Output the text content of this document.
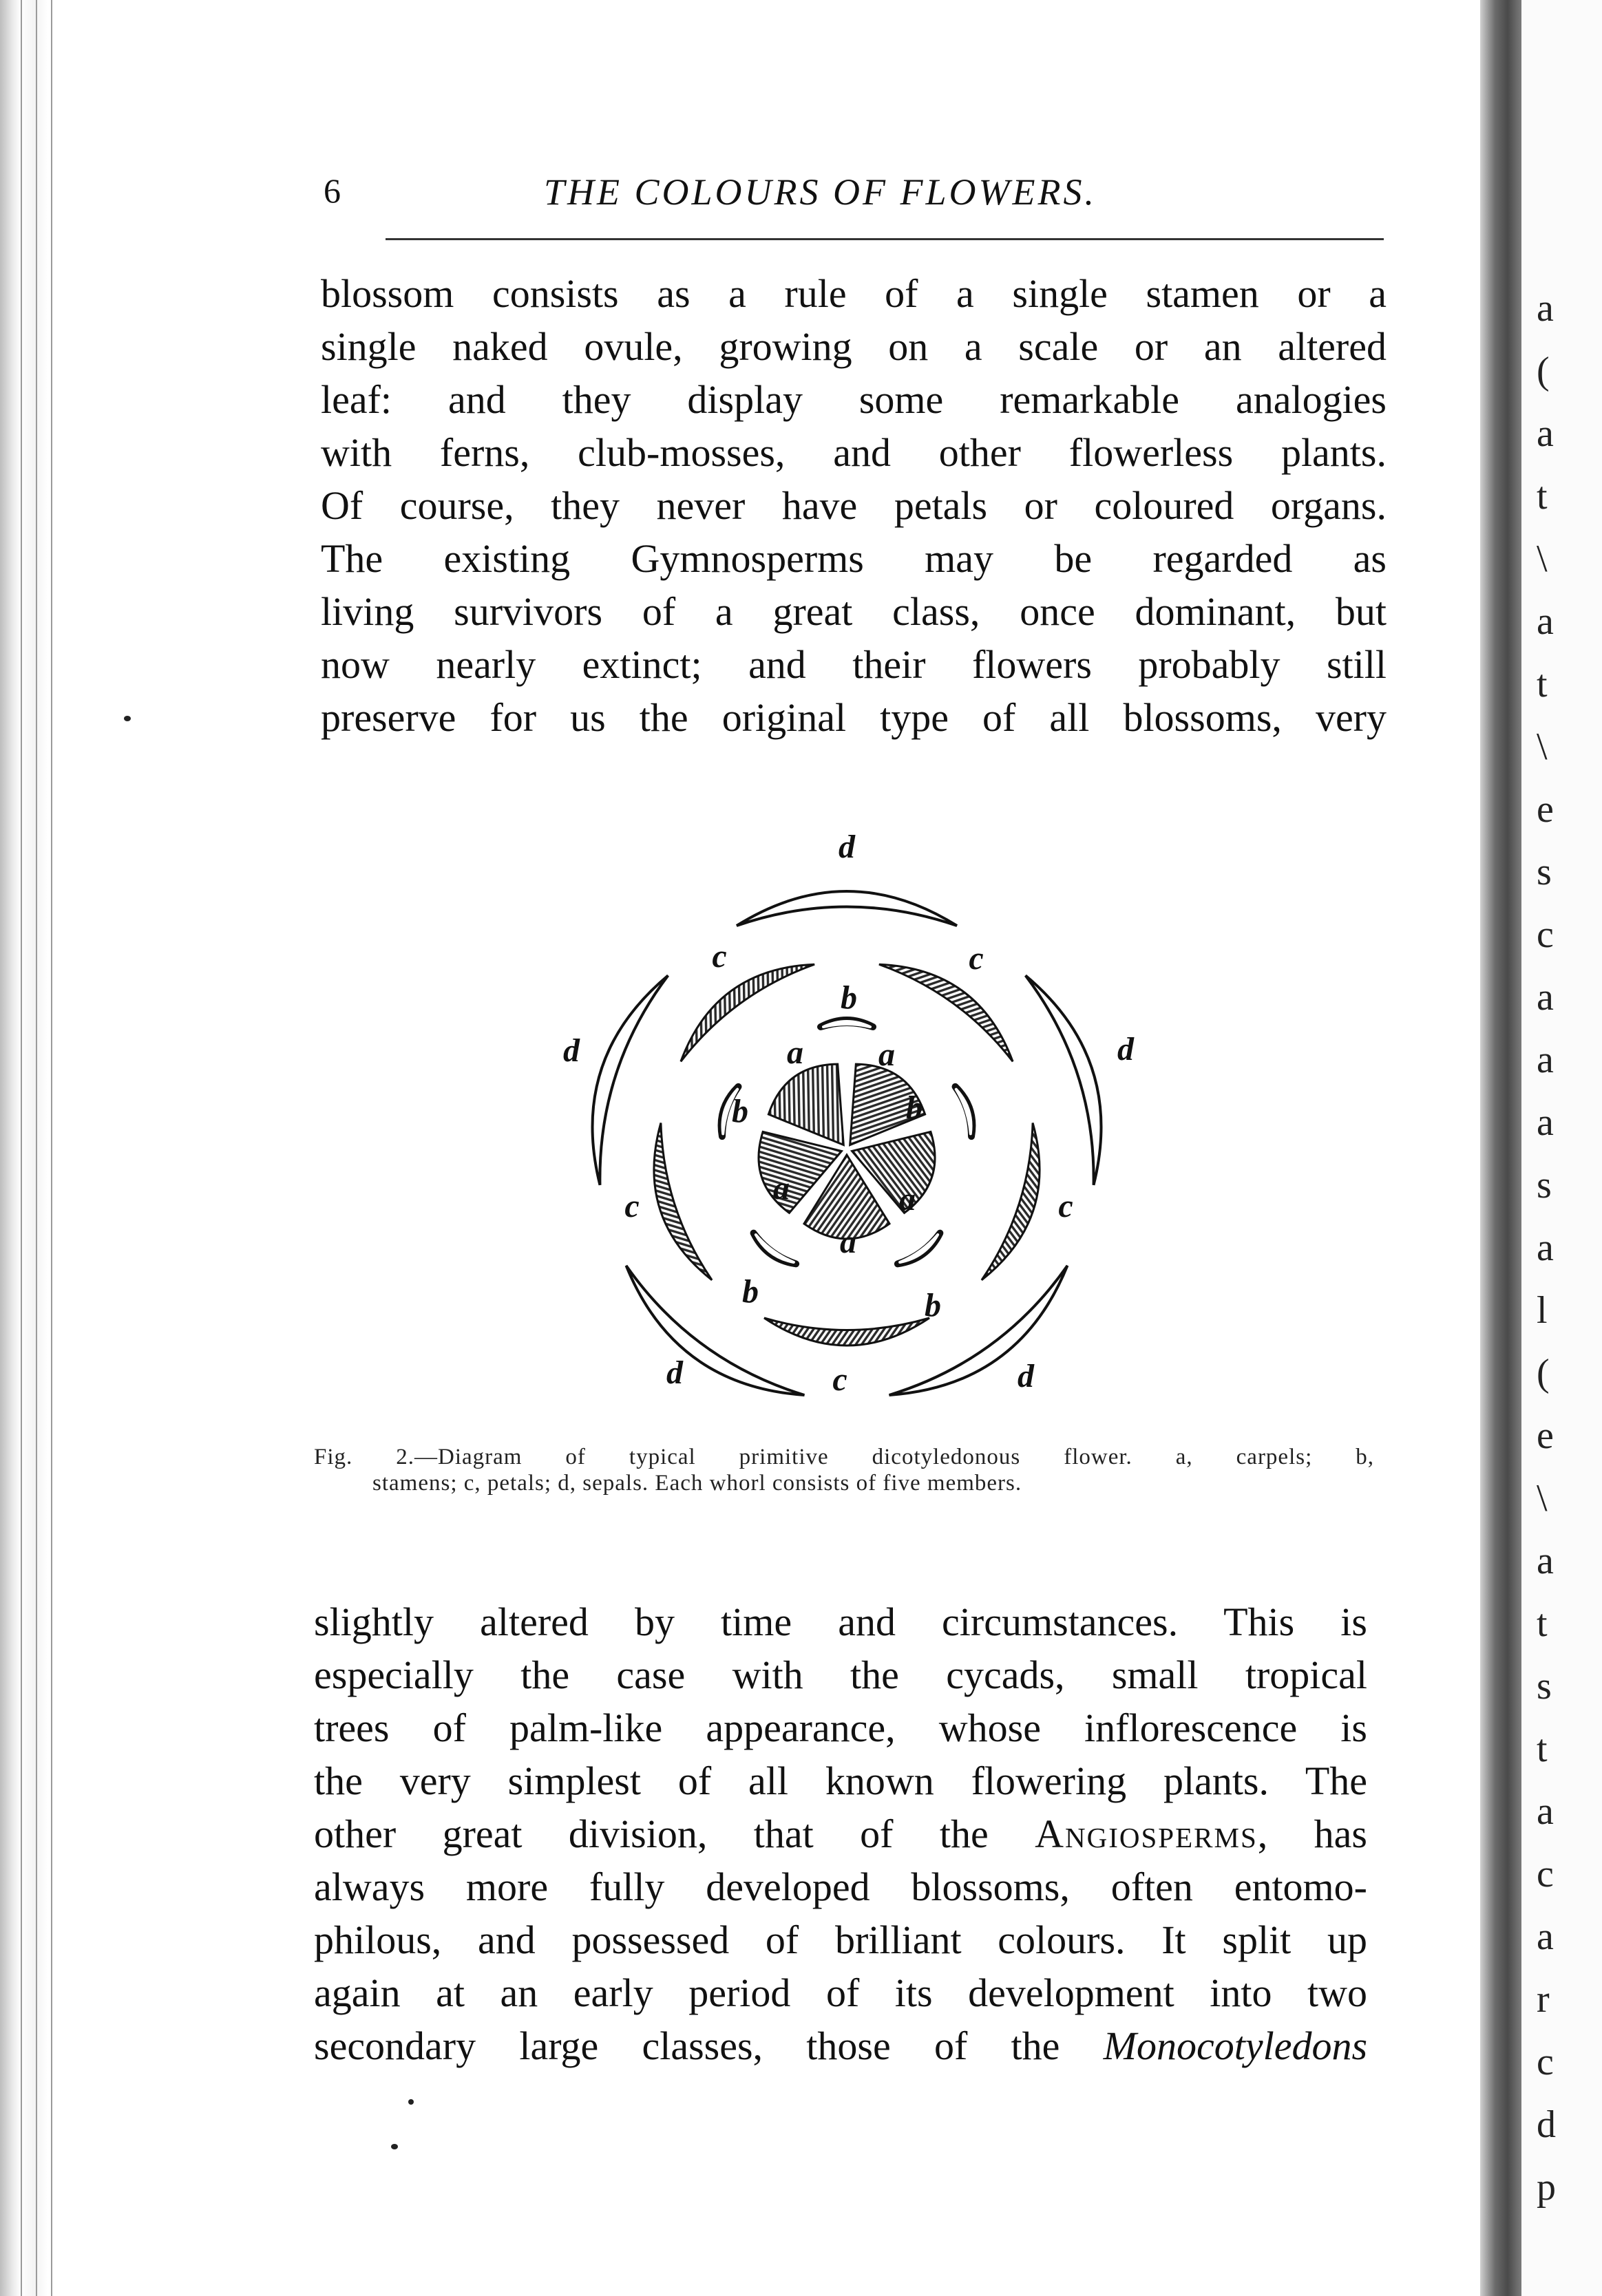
6	THE COLOURS OF FLOWERS.
blossom consists as a rule of a single stamen or a
single naked ovule, growing on a scale or an altered
leaf: and they display some remarkable analogies
with ferns, club-mosses, and other flowerless plants.
Of course, they never have petals or coloured organs.
The existing Gymnosperms may be regarded as
living survivors of a great class, once dominant, but
now nearly extinct; and their flowers probably still
preserve for us the original type of all blossoms, very
d
d	d
d	d
c	c
c	c
c
b
b	b
b	b
a a
a	a
a
Fig. 2.—Diagram of typical primitive dicotyledonous flower. a, carpels; b,
stamens; c, petals; d, sepals. Each whorl consists of five members.
slightly altered by time and circumstances. This is
especially the case with the cycads, small tropical
trees of palm-like appearance, whose inflorescence is
the very simplest of all known flowering plants. The
other great division, that of the Angiosperms, has
always more fully developed blossoms, often entomo-
philous, and possessed of brilliant colours. It split up
again at an early period of its development into two
secondary large classes, those of the Monocotyledons
a
(
a
t
\
a
t
\
e
s
c
a
a
a
s
a
l
(
e
\
a
t
s
t
a
c
a
r
c
d
p
